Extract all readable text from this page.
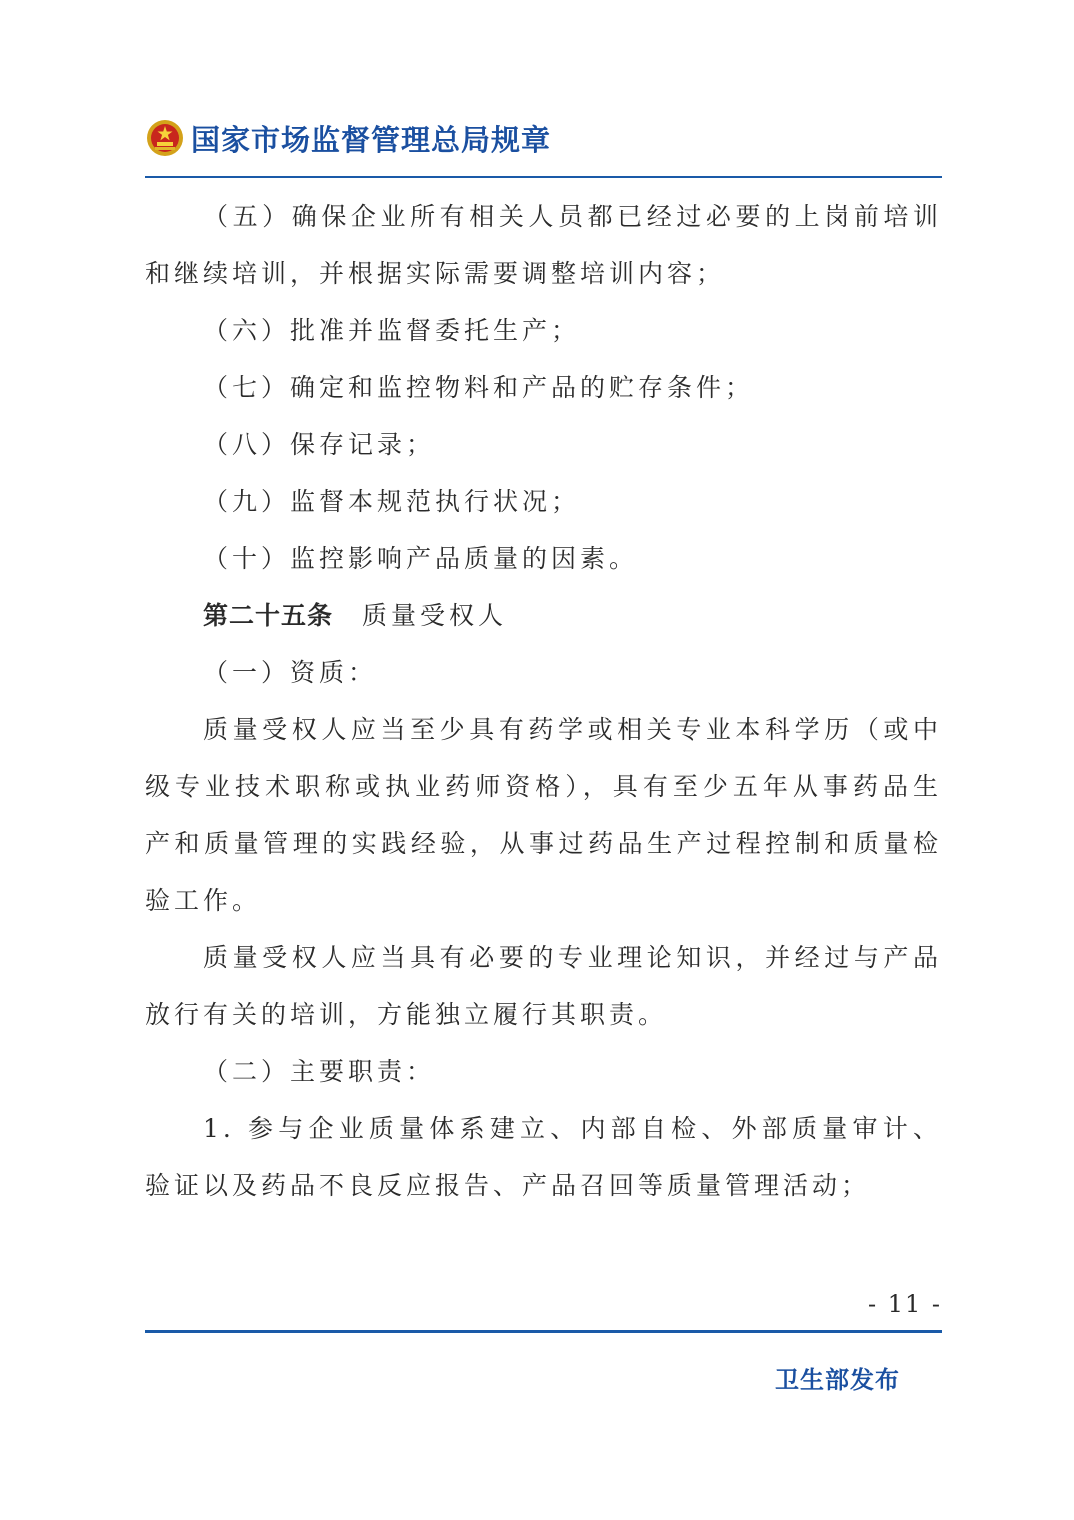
国家市场监督管理总局规章

（五）确保企业所有相关人员都已经过必要的上岗前培训和继续培训，并根据实际需要调整培训内容；

（六）批准并监督委托生产；

（七）确定和监控物料和产品的贮存条件；

（八）保存记录；

（九）监督本规范执行状况；

（十）监控影响产品质量的因素。

第二十五条　 质量受权人

（一）资质：

质量受权人应当至少具有药学或相关专业本科学历（或中级专业技术职称或执业药师资格），具有至少五年从事药品生产和质量管理的实践经验，从事过药品生产过程控制和质量检验工作。

质量受权人应当具有必要的专业理论知识，并经过与产品放行有关的培训，方能独立履行其职责。

（二）主要职责：

1. 参与企业质量体系建立、内部自检、外部质量审计、验证以及药品不良反应报告、产品召回等质量管理活动；

- 11 -
卫生部发布
